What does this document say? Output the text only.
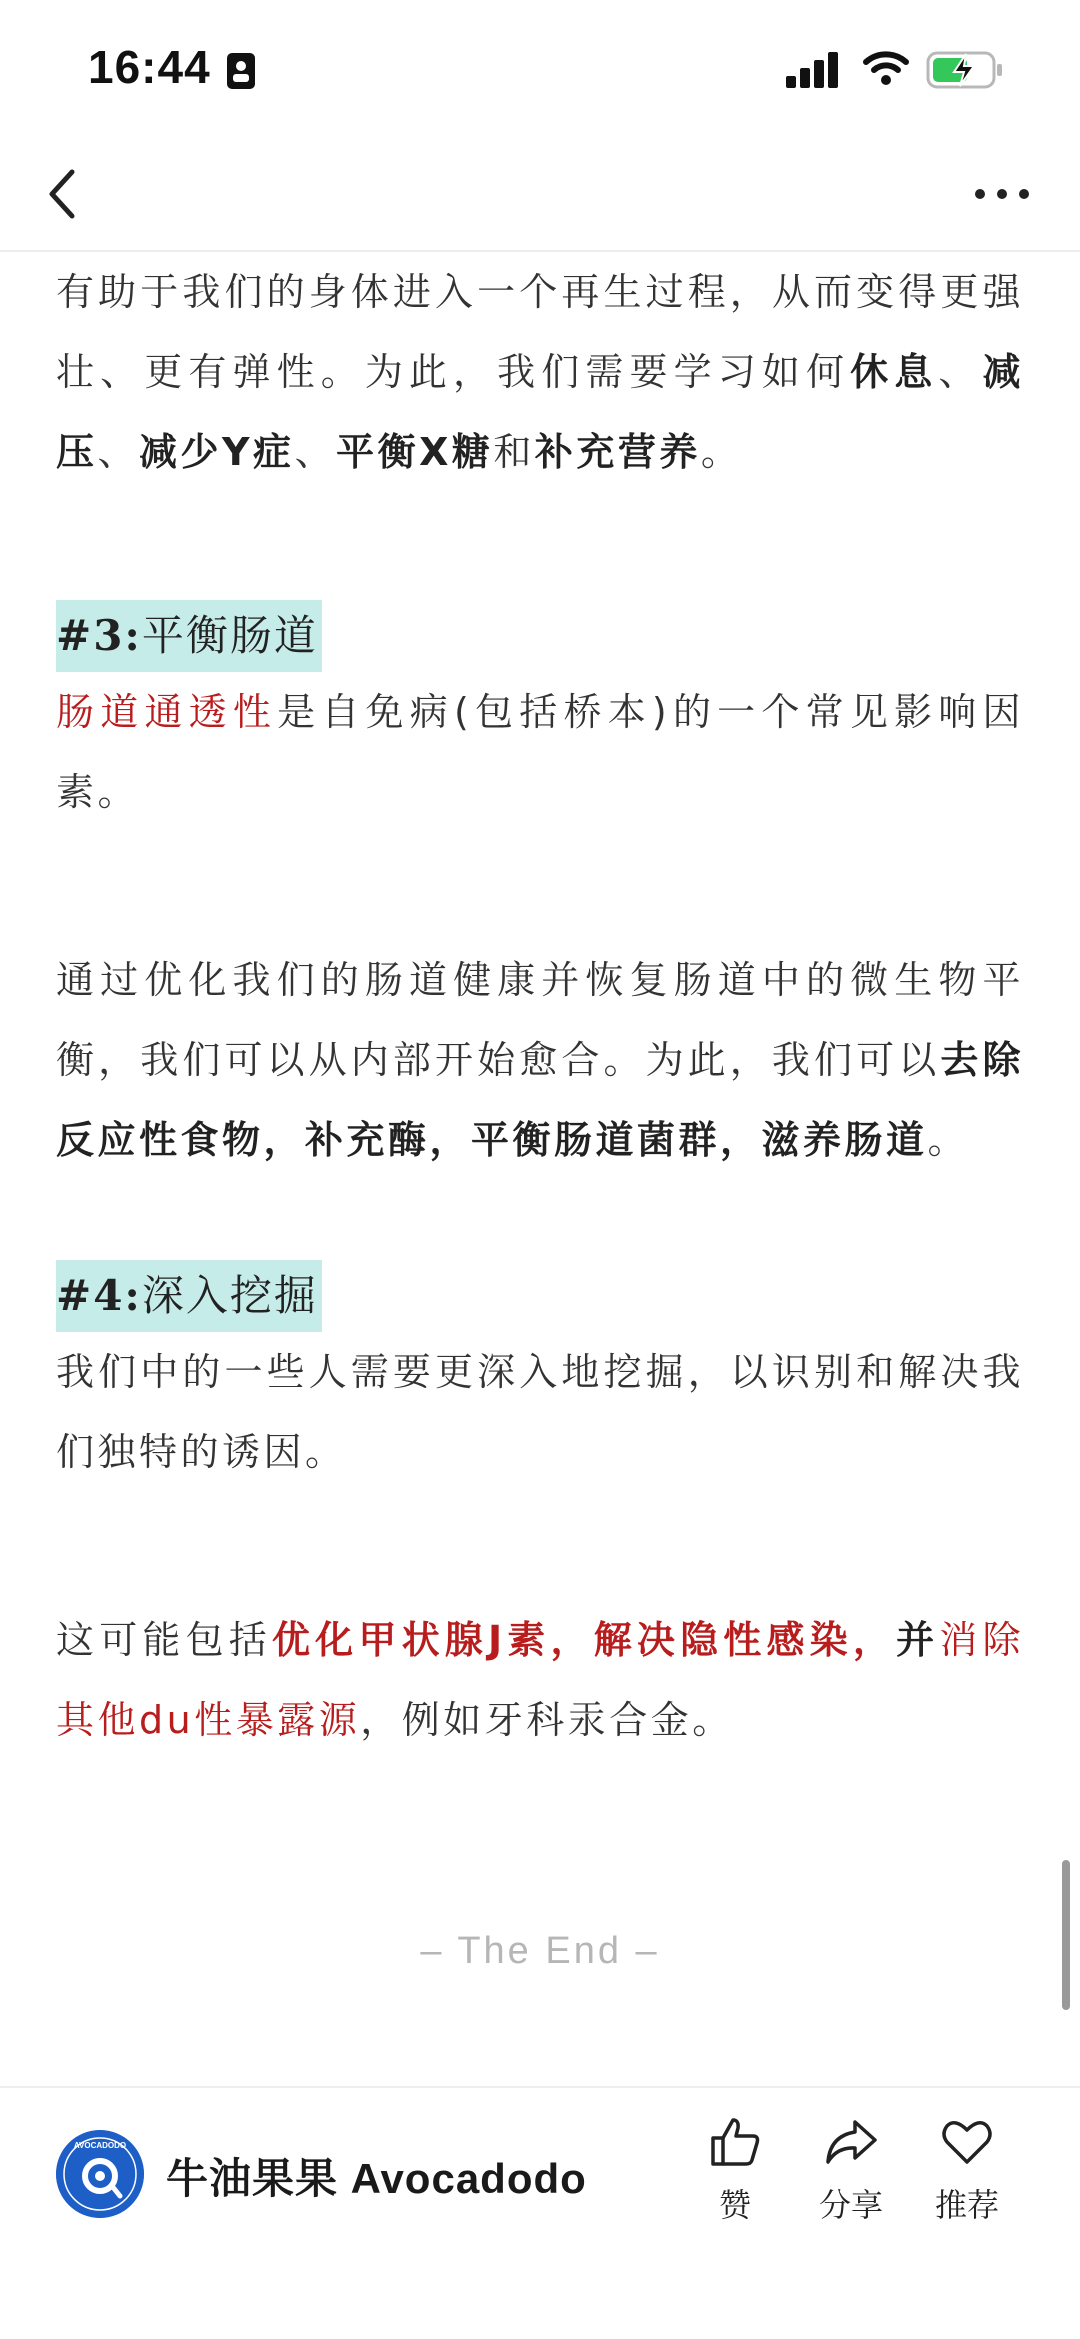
16:44

有助于我们的身体进入一个再生过程，从而变得更强壮、更有弹性。为此，我们需要学习如何休息、减压、减少Y症、平衡X糖和补充营养。

#3:平衡肠道

肠道通透性是自免病(包括桥本)的一个常见影响因素。

通过优化我们的肠道健康并恢复肠道中的微生物平衡，我们可以从内部开始愈合。为此，我们可以去除反应性食物，补充酶，平衡肠道菌群，滋养肠道。

#4:深入挖掘

我们中的一些人需要更深入地挖掘，以识别和解决我们独特的诱因。

这可能包括优化甲状腺J素，解决隐性感染，并消除其他du性暴露源，例如牙科汞合金。

– The End –
AVOCADODO
牛油果果 Avocadodo
赞	分享	推荐
